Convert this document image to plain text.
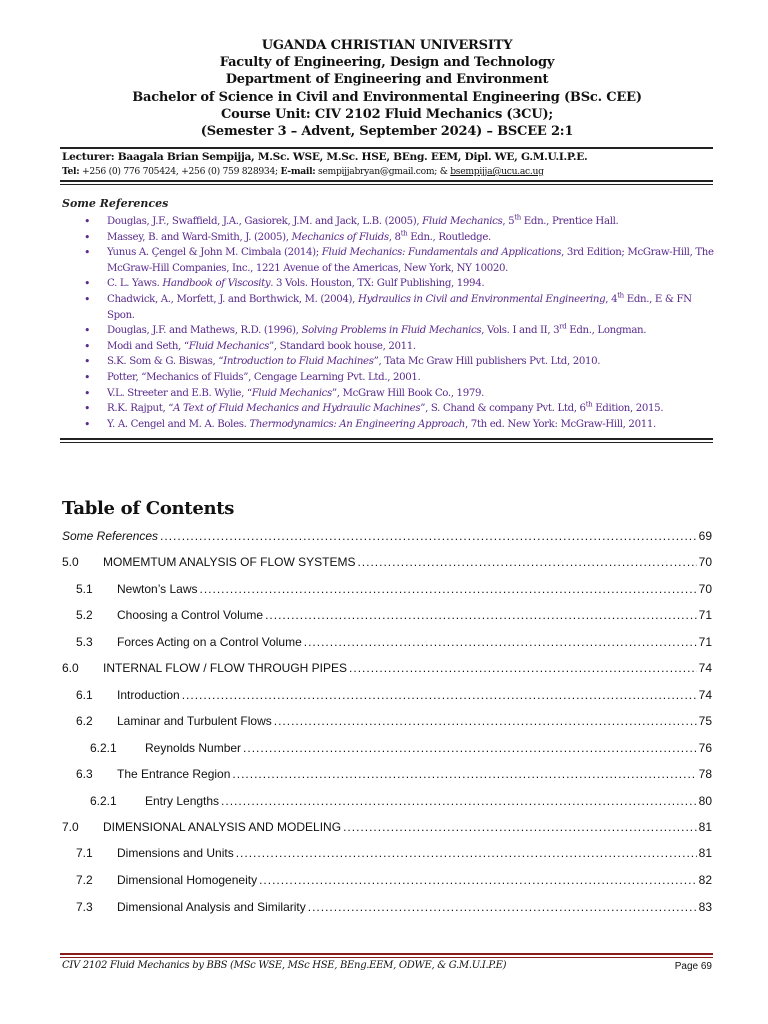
UGANDA CHRISTIAN UNIVERSITY
Faculty of Engineering, Design and Technology
Department of Engineering and Environment
Bachelor of Science in Civil and Environmental Engineering (BSc. CEE)
Course Unit: CIV 2102 Fluid Mechanics (3CU);
(Semester 3 – Advent, September 2024) – BSCEE 2:1
Lecturer: Baagala Brian Sempijja, M.Sc. WSE, M.Sc. HSE, BEng. EEM, Dipl. WE, G.M.U.I.P.E.
Tel: +256 (0) 776 705424, +256 (0) 759 828934; E-mail: sempijjabryan@gmail.com; & bsempijja@ucu.ac.ug
Some References
• Douglas, J.F., Swaffield, J.A., Gasiorek, J.M. and Jack, L.B. (2005), Fluid Mechanics, 5th Edn., Prentice Hall.
• Massey, B. and Ward-Smith, J. (2005), Mechanics of Fluids, 8th Edn., Routledge.
• Yunus A. Çengel & John M. Cimbala (2014); Fluid Mechanics: Fundamentals and Applications, 3rd Edition; McGraw-Hill, The McGraw-Hill Companies, Inc., 1221 Avenue of the Americas, New York, NY 10020.
• C. L. Yaws. Handbook of Viscosity. 3 Vols. Houston, TX: Gulf Publishing, 1994.
• Chadwick, A., Morfett, J. and Borthwick, M. (2004), Hydraulics in Civil and Environmental Engineering, 4th Edn., E & FN Spon.
• Douglas, J.F. and Mathews, R.D. (1996), Solving Problems in Fluid Mechanics, Vols. I and II, 3rd Edn., Longman.
• Modi and Seth, “Fluid Mechanics”, Standard book house, 2011.
• S.K. Som & G. Biswas, “Introduction to Fluid Machines”, Tata Mc Graw Hill publishers Pvt. Ltd, 2010.
• Potter, “Mechanics of Fluids”, Cengage Learning Pvt. Ltd., 2001.
• V.L. Streeter and E.B. Wylie, “Fluid Mechanics”, McGraw Hill Book Co., 1979.
• R.K. Rajput, “A Text of Fluid Mechanics and Hydraulic Machines”, S. Chand & company Pvt. Ltd, 6th Edition, 2015.
• Y. A. Cengel and M. A. Boles. Thermodynamics: An Engineering Approach, 7th ed. New York: McGraw-Hill, 2011.
Table of Contents
Some References .....	69
5.0	MOMEMTUM ANALYSIS OF FLOW SYSTEMS .....	70
5.1	Newton’s Laws .....	70
5.2	Choosing a Control Volume .....	71
5.3	Forces Acting on a Control Volume .....	71
6.0	INTERNAL FLOW / FLOW THROUGH PIPES .....	74
6.1	Introduction .....	74
6.2	Laminar and Turbulent Flows .....	75
6.2.1	Reynolds Number .....	76
6.3	The Entrance Region .....	78
6.2.1	Entry Lengths .....	80
7.0	DIMENSIONAL ANALYSIS AND MODELING .....	81
7.1	Dimensions and Units .....	81
7.2	Dimensional Homogeneity .....	82
7.3	Dimensional Analysis and Similarity .....	83
CIV 2102 Fluid Mechanics by BBS (MSc WSE, MSc HSE, BEng.EEM, ODWE, & G.M.U.I.P.E)	Page 69
